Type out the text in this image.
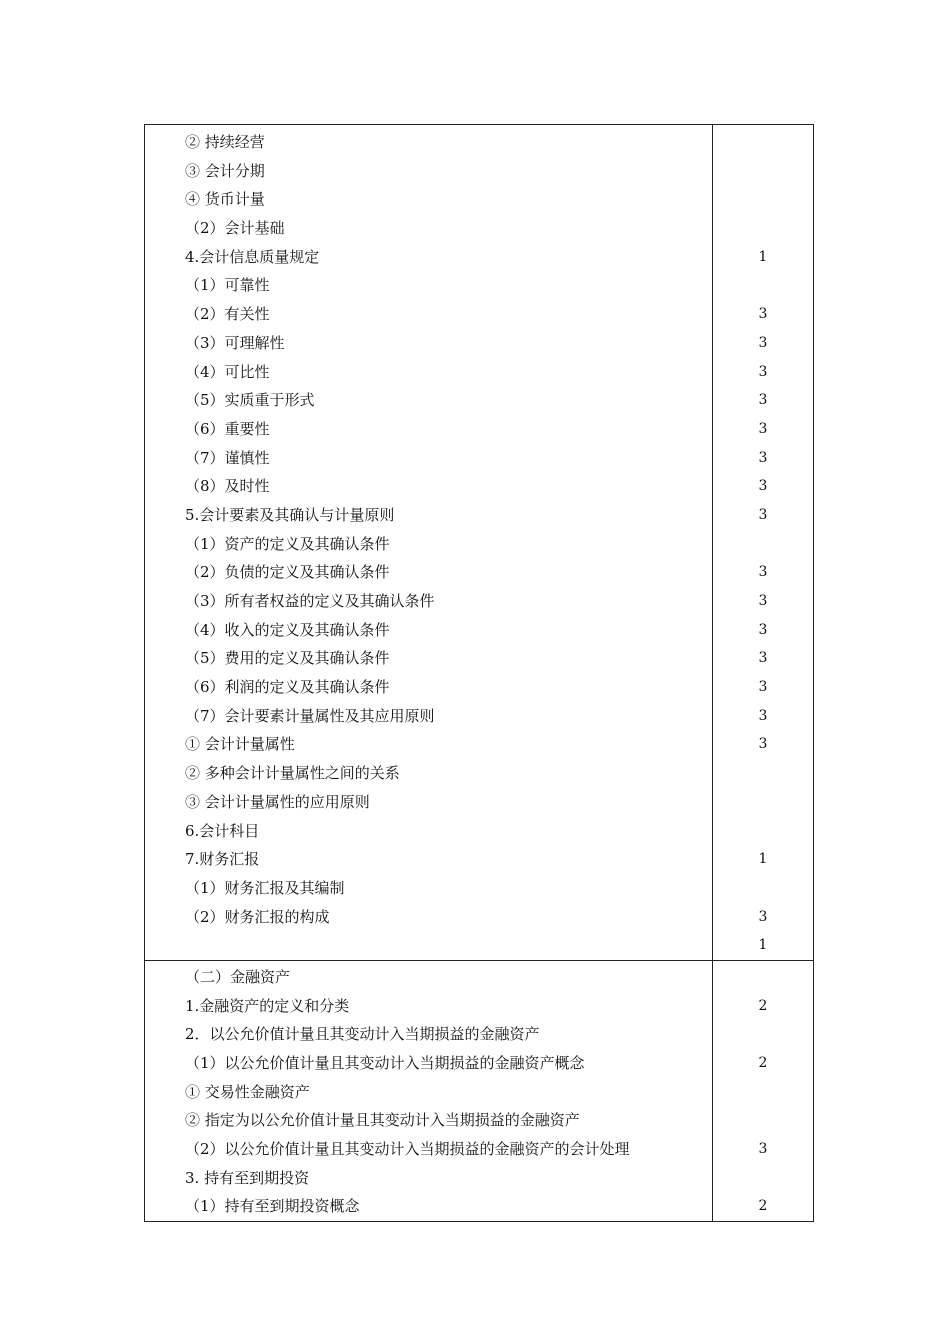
② 持续经营
③ 会计分期
④ 货币计量
（2）会计基础
4.会计信息质量规定
（1）可靠性
（2）有关性
（3）可理解性
（4）可比性
（5）实质重于形式
（6）重要性
（7）谨慎性
（8）及时性
5.会计要素及其确认与计量原则
（1）资产的定义及其确认条件
（2）负债的定义及其确认条件
（3）所有者权益的定义及其确认条件
（4）收入的定义及其确认条件
（5）费用的定义及其确认条件
（6）利润的定义及其确认条件
（7）会计要素计量属性及其应用原则
① 会计计量属性
② 多种会计计量属性之间的关系
③ 会计计量属性的应用原则
6.会计科目
7.财务汇报
（1）财务汇报及其编制
（2）财务汇报的构成
1
3
3
3
3
3
3
3
3
3
3
3
3
3
3
3
1
3
1
（二）金融资产
1.金融资产的定义和分类
2．以公允价值计量且其变动计入当期损益的金融资产
（1）以公允价值计量且其变动计入当期损益的金融资产概念
① 交易性金融资产
② 指定为以公允价值计量且其变动计入当期损益的金融资产
（2）以公允价值计量且其变动计入当期损益的金融资产的会计处理
3. 持有至到期投资
（1）持有至到期投资概念
2
2
3
2
